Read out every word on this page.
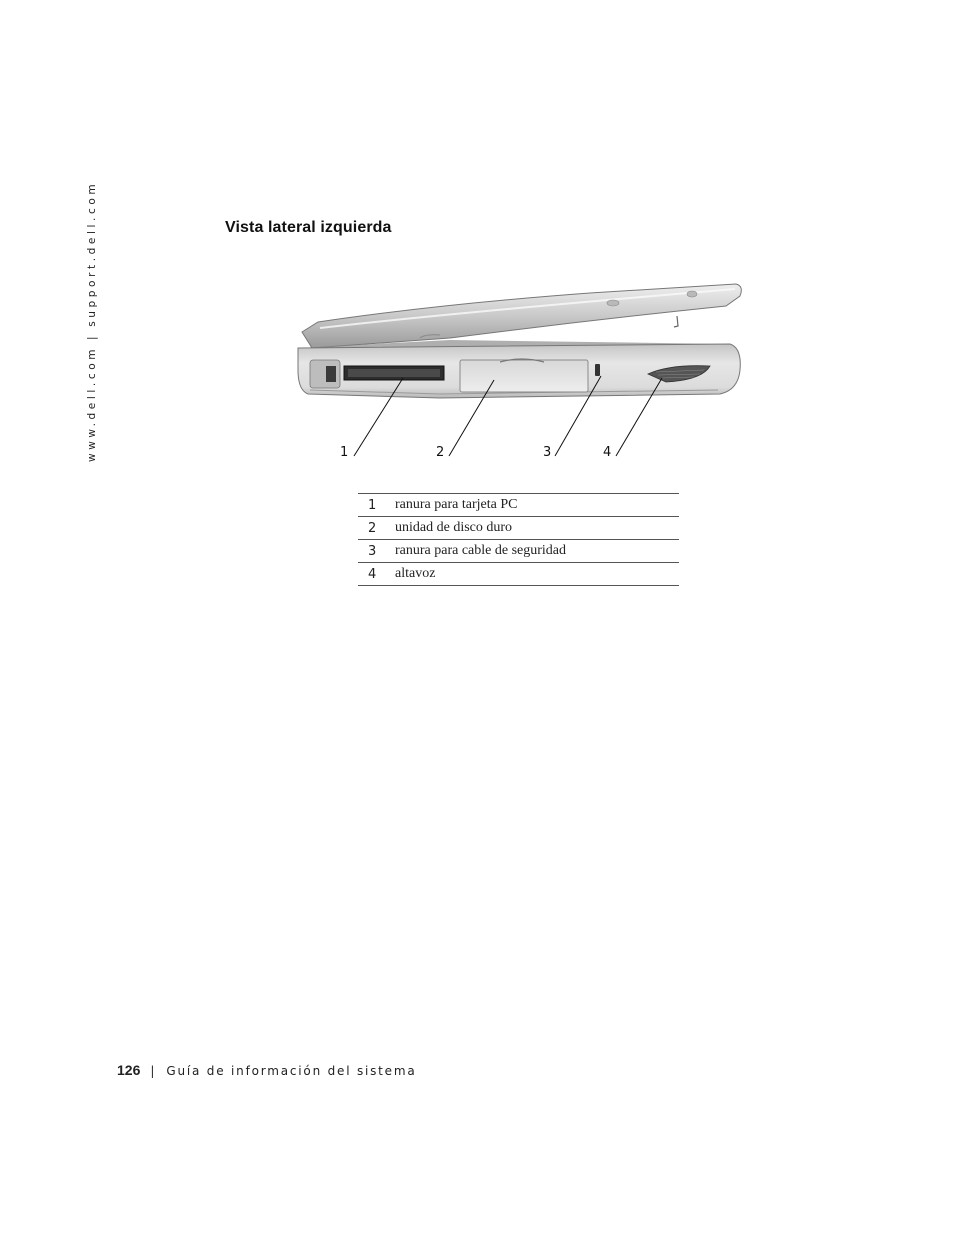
www.dell.com|support.dell.com	Vista lateral izquierda
1	2	3	4
1	ranura para tarjeta PC
2	unidad de disco duro
3	ranura para cable de seguridad
4	altavoz
126 | Guía de información del sistema
